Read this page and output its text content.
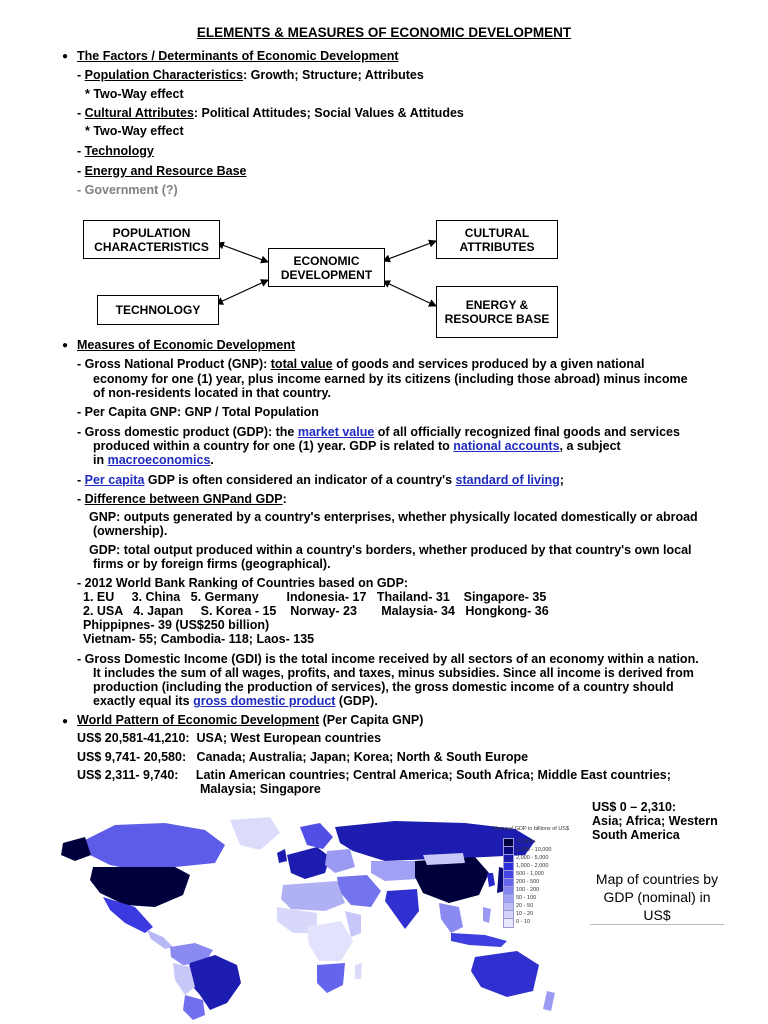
ELEMENTS & MEASURES OF ECONOMIC DEVELOPMENT
● The Factors / Determinants of Economic Development
- Population Characteristics: Growth; Structure; Attributes
* Two-Way effect
- Cultural Attributes: Political Attitudes; Social Values & Attitudes
* Two-Way effect
- Technology
- Energy and Resource Base
- Government (?)
POPULATION CHARACTERISTICS
ECONOMIC DEVELOPMENT
CULTURAL ATTRIBUTES
TECHNOLOGY	ENERGY & RESOURCE BASE
● Measures of Economic Development
- Gross National Product (GNP): total value of goods and services produced by a given national
economy for one (1) year, plus income earned by its citizens (including those abroad) minus income
of non-residents located in that country.
- Per Capita GNP: GNP / Total Population
- Gross domestic product (GDP): the market value of all officially recognized final goods and services
produced within a country for one (1) year. GDP is related to national accounts, a subject
in macroeconomics.
- Per capita GDP is often considered an indicator of a country's standard of living;
- Difference between GNPand GDP:
GNP: outputs generated by a country's enterprises, whether physically located domestically or abroad
(ownership).
GDP: total output produced within a country's borders, whether produced by that country's own local
firms or by foreign firms (geographical).
- 2012 World Bank Ranking of Countries based on GDP:
1. EU     3. China   5. Germany        Indonesia- 17   Thailand- 31    Singapore- 35
2. USA   4. Japan     S. Korea - 15    Norway- 23       Malaysia- 34   Hongkong- 36
Phippipnes- 39 (US$250 billion)
Vietnam- 55; Cambodia- 118; Laos- 135
- Gross Domestic Income (GDI) is the total income received by all sectors of an economy within a nation.
It includes the sum of all wages, profits, and taxes, minus subsidies. Since all income is derived from
production (including the production of services), the gross domestic income of a country should
exactly equal its gross domestic product (GDP).
● World Pattern of Economic Development (Per Capita GNP)
US$ 20,581-41,210:  USA; West European countries
US$ 9,741- 20,580:   Canada; Australia; Japan; Korea; North & South Europe
US$ 2,311- 9,740:     Latin American countries; Central America; South Africa; Middle East countries;
Malaysia; Singapore
US$ 0 – 2,310:
Asia; Africa; Western
South America
Nominal GDP in billions of US$
10,000+
5,000 - 10,000
2,000 - 5,000
1,000 - 2,000
500 - 1,000
200 - 500
100 - 200
50 - 100
20 - 50
10 - 20
0 - 10
Map of countries by GDP (nominal) in US$
